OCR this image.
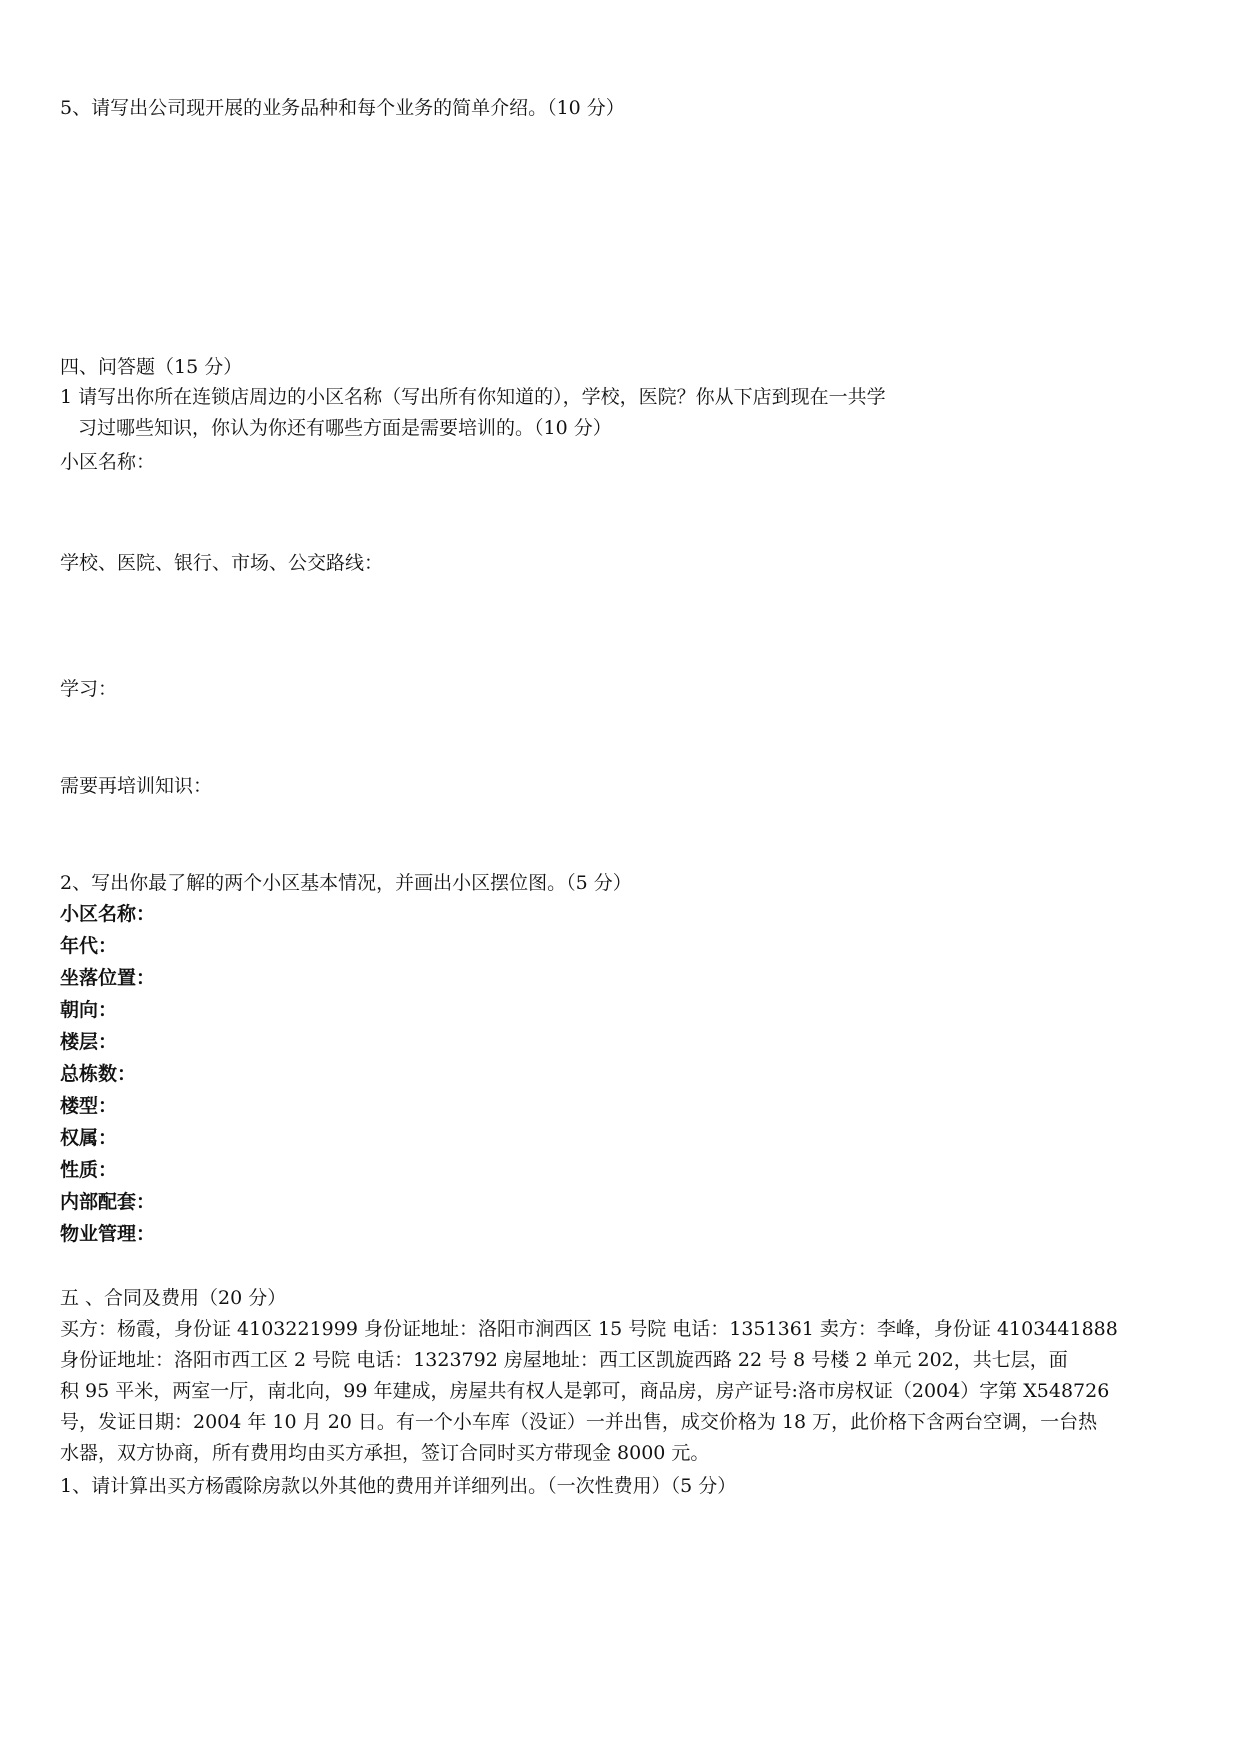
5、请写出公司现开展的业务品种和每个业务的简单介绍。（10 分）
四、问答题（15 分）
1 请写出你所在连锁店周边的小区名称（写出所有你知道的），学校，医院？你从下店到现在一共学
习过哪些知识，你认为你还有哪些方面是需要培训的。（10 分）
小区名称：
学校、医院、银行、市场、公交路线：
学习：
需要再培训知识：
2、写出你最了解的两个小区基本情况，并画出小区摆位图。（5 分）
小区名称：
年代：
坐落位置：
朝向：
楼层：
总栋数：
楼型：
权属：
性质：
内部配套：
物业管理：
五 、合同及费用（20 分）
买方：杨霞，身份证 4103221999 身份证地址：洛阳市涧西区 15 号院 电话：1351361 卖方：李峰，身份证 4103441888
身份证地址：洛阳市西工区 2 号院 电话：1323792 房屋地址：西工区凯旋西路 22 号 8 号楼 2 单元 202，共七层，面
积 95 平米，两室一厅，南北向，99 年建成，房屋共有权人是郭可，商品房，房产证号:洛市房权证（2004）字第 X548726
号，发证日期：2004 年 10 月 20 日。有一个小车库（没证）一并出售，成交价格为 18 万，此价格下含两台空调，一台热
水器，双方协商，所有费用均由买方承担，签订合同时买方带现金 8000 元。
1、请计算出买方杨霞除房款以外其他的费用并详细列出。（一次性费用）（5 分）
